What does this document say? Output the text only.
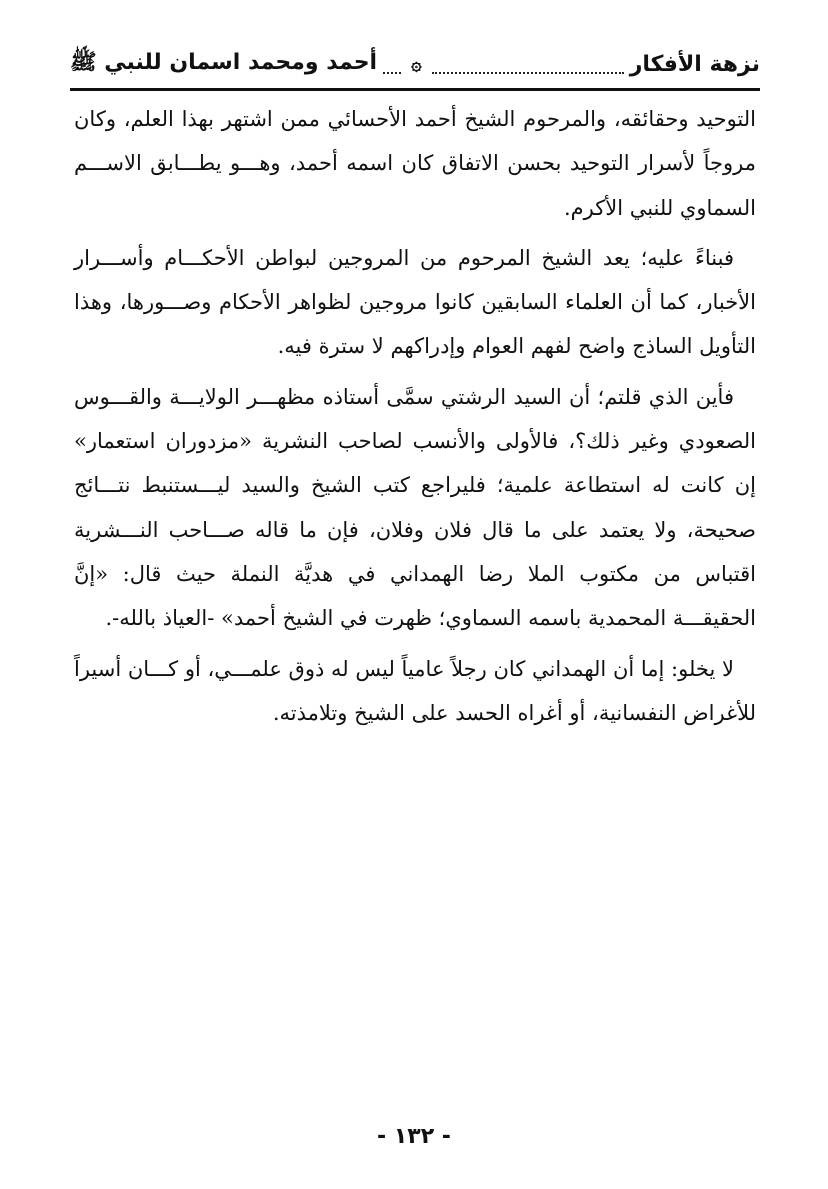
نزهة الأفكار
۞
أحمد ومحمد اسمان للنبي ﷺ

التوحيد وحقائقه، والمرحوم الشيخ أحمد الأحسائي ممن اشتهر بهذا العلم، وكان مروجاً لأسرار التوحيد بحسن الاتفاق كان اسمه أحمد، وهـــو يطـــابق الاســـم السماوي للنبي الأكرم.

فبناءً عليه؛ يعد الشيخ المرحوم من المروجين لبواطن الأحكـــام وأســـرار الأخبار، كما أن العلماء السابقين كانوا مروجين لظواهر الأحكام وصـــورها، وهذا التأويل الساذج واضح لفهم العوام وإدراكهم لا سترة فيه.

فأين الذي قلتم؛ أن السيد الرشتي سمَّى أستاذه مظهـــر الولايـــة والقـــوس الصعودي وغير ذلك؟، فالأولى والأنسب لصاحب النشرية «مزدوران استعمار» إن كانت له استطاعة علمية؛ فليراجع كتب الشيخ والسيد ليـــستنبط نتـــائج صحيحة، ولا يعتمد على ما قال فلان وفلان، فإن ما قاله صـــاحب النـــشرية اقتباس من مكتوب الملا رضا الهمداني في هديَّة النملة حيث قال: «إنَّ الحقيقـــة المحمدية باسمه السماوي؛ ظهرت في الشيخ أحمد» -العياذ بالله-.

لا يخلو: إما أن الهمداني كان رجلاً عامياً ليس له ذوق علمـــي، أو كـــان أسيراً للأغراض النفسانية، أو أغراه الحسد على الشيخ وتلامذته.

- ١٣٢ -
